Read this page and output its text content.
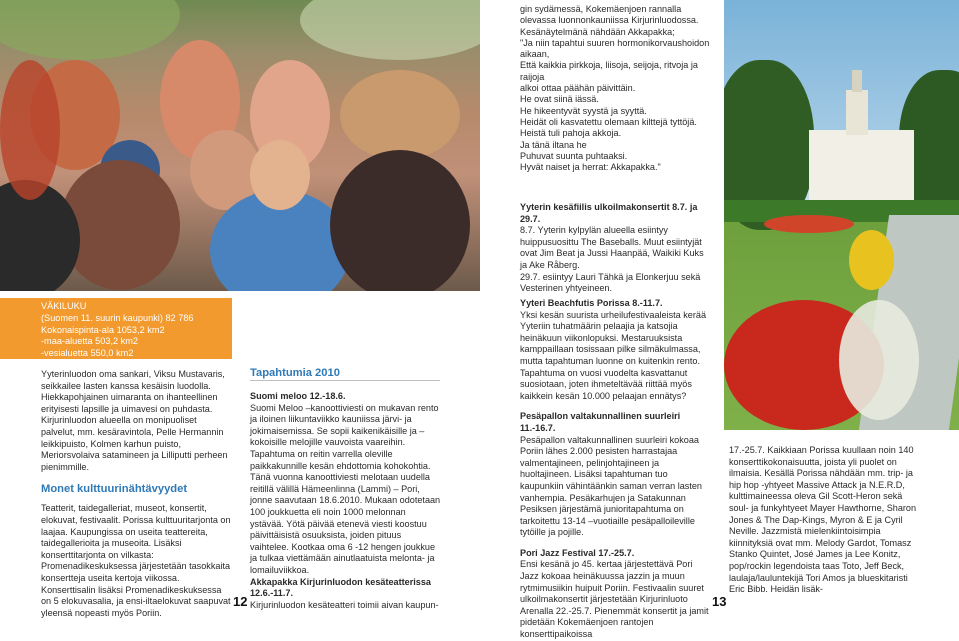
VÄKILUKU
(Suomen 11. suurin kaupunki) 82 786
Kokonaispinta-ala 1053,2 km2
-maa-aluetta 503,2 km2
-vesialuetta 550,0 km2

Yyterinluodon oma sankari, Viksu Mustavaris, seikkailee lasten kanssa kesäisin luodolla. Hiekkapohjainen uimaranta on ihanteellinen erityisesti lapsille ja uimavesi on puhdasta. Kirjurinluodon alueella on monipuoliset palvelut, mm. kesäravintola, Pelle Hermannin leikkipuisto, Kolmen karhun puisto, Meriorsvolaiva satamineen ja Lilliputti perheen pienimmille.

Monet kulttuurinähtävyydet

Teatterit, taidegalleriat, museot, konsertit, elokuvat, festivaalit. Porissa kulttuuritarjonta on laajaa. Kaupungissa on useita teattereita, taidegallerioita ja museoita. Lisäksi konserttitarjonta on vilkasta: Promenadikeskuksessa järjestetään tasokkaita konsertteja useita kertoja viikossa. Konserttisalin lisäksi Promenadikeskuksessa on 5 elokuvasalia, ja ensi-iltaelokuvat saapuvat yleensä nopeasti myös Poriin.

Tapahtumia 2010

Suomi meloo 12.-18.6.

Suomi Meloo –kanoottiviesti on mukavan rento ja iloinen liikuntaviikko kauniissa järvi- ja jokimaisemissa. Se sopii kaikenikäisille ja –kokoisille melojille vauvoista vaareihin. Tapahtuma on reitin varrella oleville paikkakunnille kesän ehdottomia kohokohtia. Tänä vuonna kanoottiviesti melotaan uudella reitillä välillä Hämeenlinna (Lammi) – Pori, jonne saavutaan 18.6.2010. Mukaan odotetaan 100 joukkuetta eli noin 1000 melonnan ystävää. Yötä päivää etenevä viesti koostuu päivittäisistä osuuksista, joiden pituus vaihtelee. Kootkaa oma 6 -12 hengen joukkue ja tulkaa viettämään ainutlaatuista melonta- ja lomailuviikkoa.

Akkapakka Kirjurinluodon kesäteatterissa 12.6.-11.7.

Kirjurinluodon kesäteatteri toimii aivan kaupun-

12

gin sydämessä, Kokemäenjoen rannalla olevassa luonnonkauniissa Kirjurinluodossa. Kesänäytelmänä nähdään Akkapakka;

"Ja niin tapahtui suuren hormonikorvaushoidon aikaan,

Että kaikkia pirkkoja, liisoja, seijoja, ritvoja ja raijoja

alkoi ottaa päähän päivittäin.

He ovat siinä iässä.

He hikeentyvät syystä ja syyttä.

Heidät oli kasvatettu olemaan kilttejä tyttöjä.

Heistä tuli pahoja akkoja.

Ja tänä iltana he

Puhuvat suunta puhtaaksi.

Hyvät naiset ja herrat: Akkapakka."

Yyterin kesäfiilis ulkoilmakonsertit 8.7. ja 29.7.

8.7. Yyterin kylpylän alueella esiintyy huippusuosittu The Baseballs. Muut esiintyjät ovat Jim Beat ja Jussi Haanpää, Waikiki Kuks ja Ake Råberg.

29.7. esiintyy Lauri Tähkä ja Elonkerjuu sekä Vesterinen yhtyeineen.

Yyteri Beachfutis Porissa 8.-11.7.

Yksi kesän suurista urheilufestivaaleista kerää Yyteriin tuhatmäärin pelaajia ja katsojia heinäkuun viikonlopuksi. Mestaruuksista kamppaillaan tosissaan pilke silmäkulmassa, mutta tapahtuman luonne on kuitenkin rento. Tapahtuma on vuosi vuodelta kasvattanut suosiotaan, joten ihmeteltävää riittää myös kaikkein kesän 10.000 pelaajan ennätys?

Pesäpallon valtakunnallinen suurleiri 11.-16.7.

Pesäpallon valtakunnallinen suurleiri kokoaa Poriin lähes 2.000 pesisten harrastajaa valmentajineen, pelinjohtajineen ja huoltajineen. Lisäksi tapahtuman tuo kaupunkiin vähintäänkin saman verran lasten vanhempia. Pesäkarhujen ja Satakunnan Pesiksen järjestämä junioritapahtuma on tarkoitettu 13-14 –vuotiaille pesäpalloileville tytöille ja pojille.

Pori Jazz Festival 17.-25.7.

Ensi kesänä jo 45. kertaa järjestettävä Pori Jazz kokoaa heinäkuussa jazzin ja muun rytmimusiikin huipuit Poriin. Festivaalin suuret ulkoilmakonsertit järjestetään Kirjurinluoto Arenalla 22.-25.7. Pienemmät konsertit ja jamit pidetään Kokemäenjoen rantojen konserttipaikoissa

17.-25.7. Kaikkiaan Porissa kuullaan noin 140 konserttikokonaisuutta, joista yli puolet on ilmaisia. Kesällä Porissa nähdään mm. trip- ja hip hop -yhtyeet Massive Attack ja N.E.R.D, kulttimaineessa oleva Gil Scott-Heron sekä soul- ja funkyhtyeet Mayer Hawthorne, Sharon Jones & The Dap-Kings, Myron & E ja Cyril Neville. Jazzmistä mielenkiintoisimpia kiinnityksiä ovat mm. Melody Gardot, Tomasz Stanko Quintet, José James ja Lee Konitz, pop/rockin legendoista taas Toto, Jeff Beck, laulaja/lauluntekijä Tori Amos ja blueskitaristi Eric Bibb. Heidän lisäk-

13
